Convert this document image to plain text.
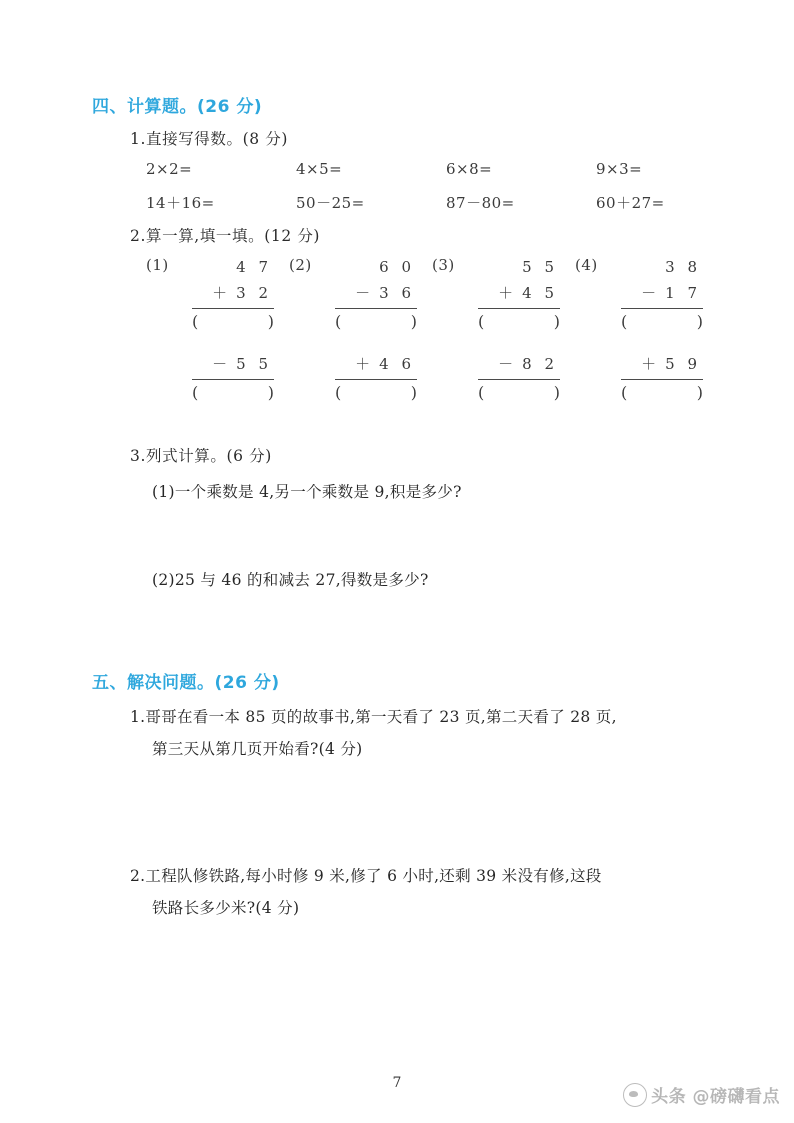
四、计算题。(26 分)
1.直接写得数。(8 分)
2×2=	4×5=	6×8=	9×3=
14＋16=	50－25=	87－80=	60＋27=
2.算一算,填一填。(12 分)
(1)	4 7
＋ 3 2
(	)
－ 5 5
(	)
(2)	6 0
－ 3 6
(	)
＋ 4 6
(	)
(3)	5 5
＋ 4 5
(	)
－ 8 2
(	)
(4)	3 8
－ 1 7
(	)
＋ 5 9
(	)
3.列式计算。(6 分)
(1)一个乘数是 4,另一个乘数是 9,积是多少?
(2)25 与 46 的和减去 27,得数是多少?
五、解决问题。(26 分)
1.哥哥在看一本 85 页的故事书,第一天看了 23 页,第二天看了 28 页,
第三天从第几页开始看?(4 分)
2.工程队修铁路,每小时修 9 米,修了 6 小时,还剩 39 米没有修,这段
铁路长多少米?(4 分)
7
头条 @磅礴看点
